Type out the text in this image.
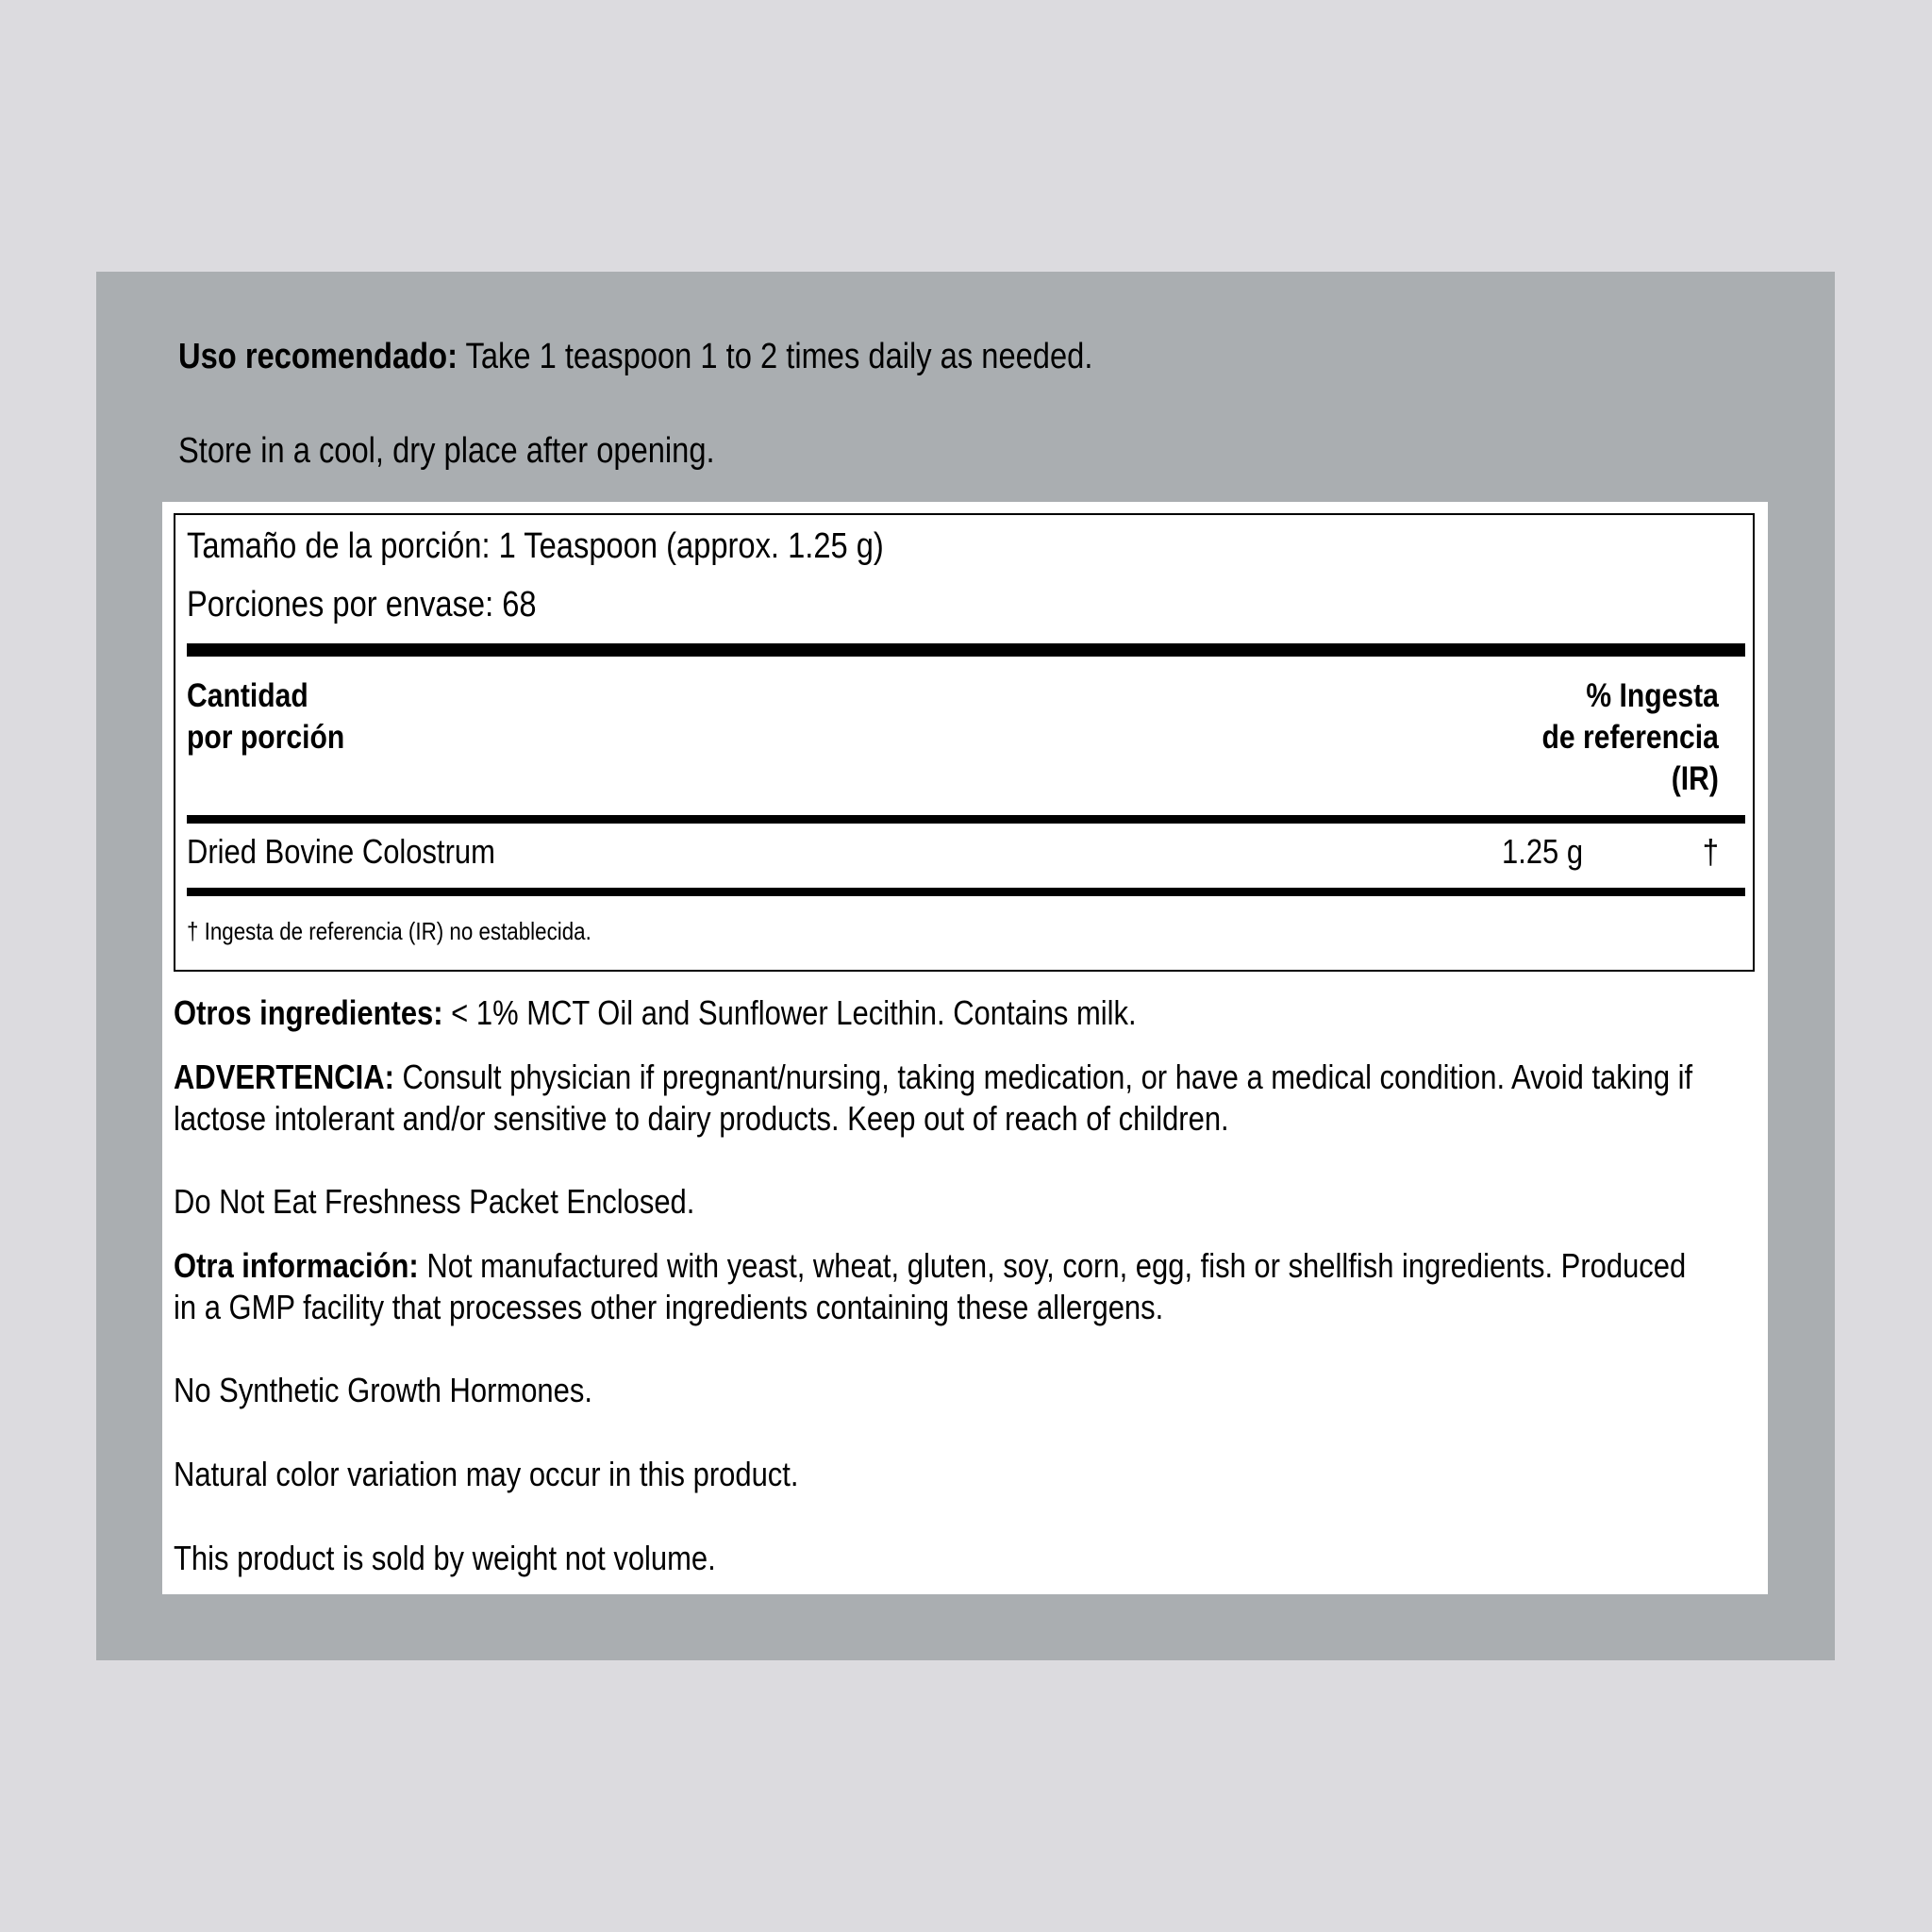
Uso recomendado: Take 1 teaspoon 1 to 2 times daily as needed.
Store in a cool, dry place after opening.
Tamaño de la porción: 1 Teaspoon (approx. 1.25 g)
Porciones por envase: 68
Cantidad
por porción
% Ingesta
de referencia
(IR)
Dried Bovine Colostrum	1.25 g	†
† Ingesta de referencia (IR) no establecida.
Otros ingredientes: < 1% MCT Oil and Sunflower Lecithin. Contains milk.
ADVERTENCIA: Consult physician if pregnant/nursing, taking medication, or have a medical condition. Avoid taking if lactose intolerant and/or sensitive to dairy products. Keep out of reach of children.
Do Not Eat Freshness Packet Enclosed.
Otra información: Not manufactured with yeast, wheat, gluten, soy, corn, egg, fish or shellfish ingredients. Produced in a GMP facility that processes other ingredients containing these allergens.
No Synthetic Growth Hormones.
Natural color variation may occur in this product.
This product is sold by weight not volume.
